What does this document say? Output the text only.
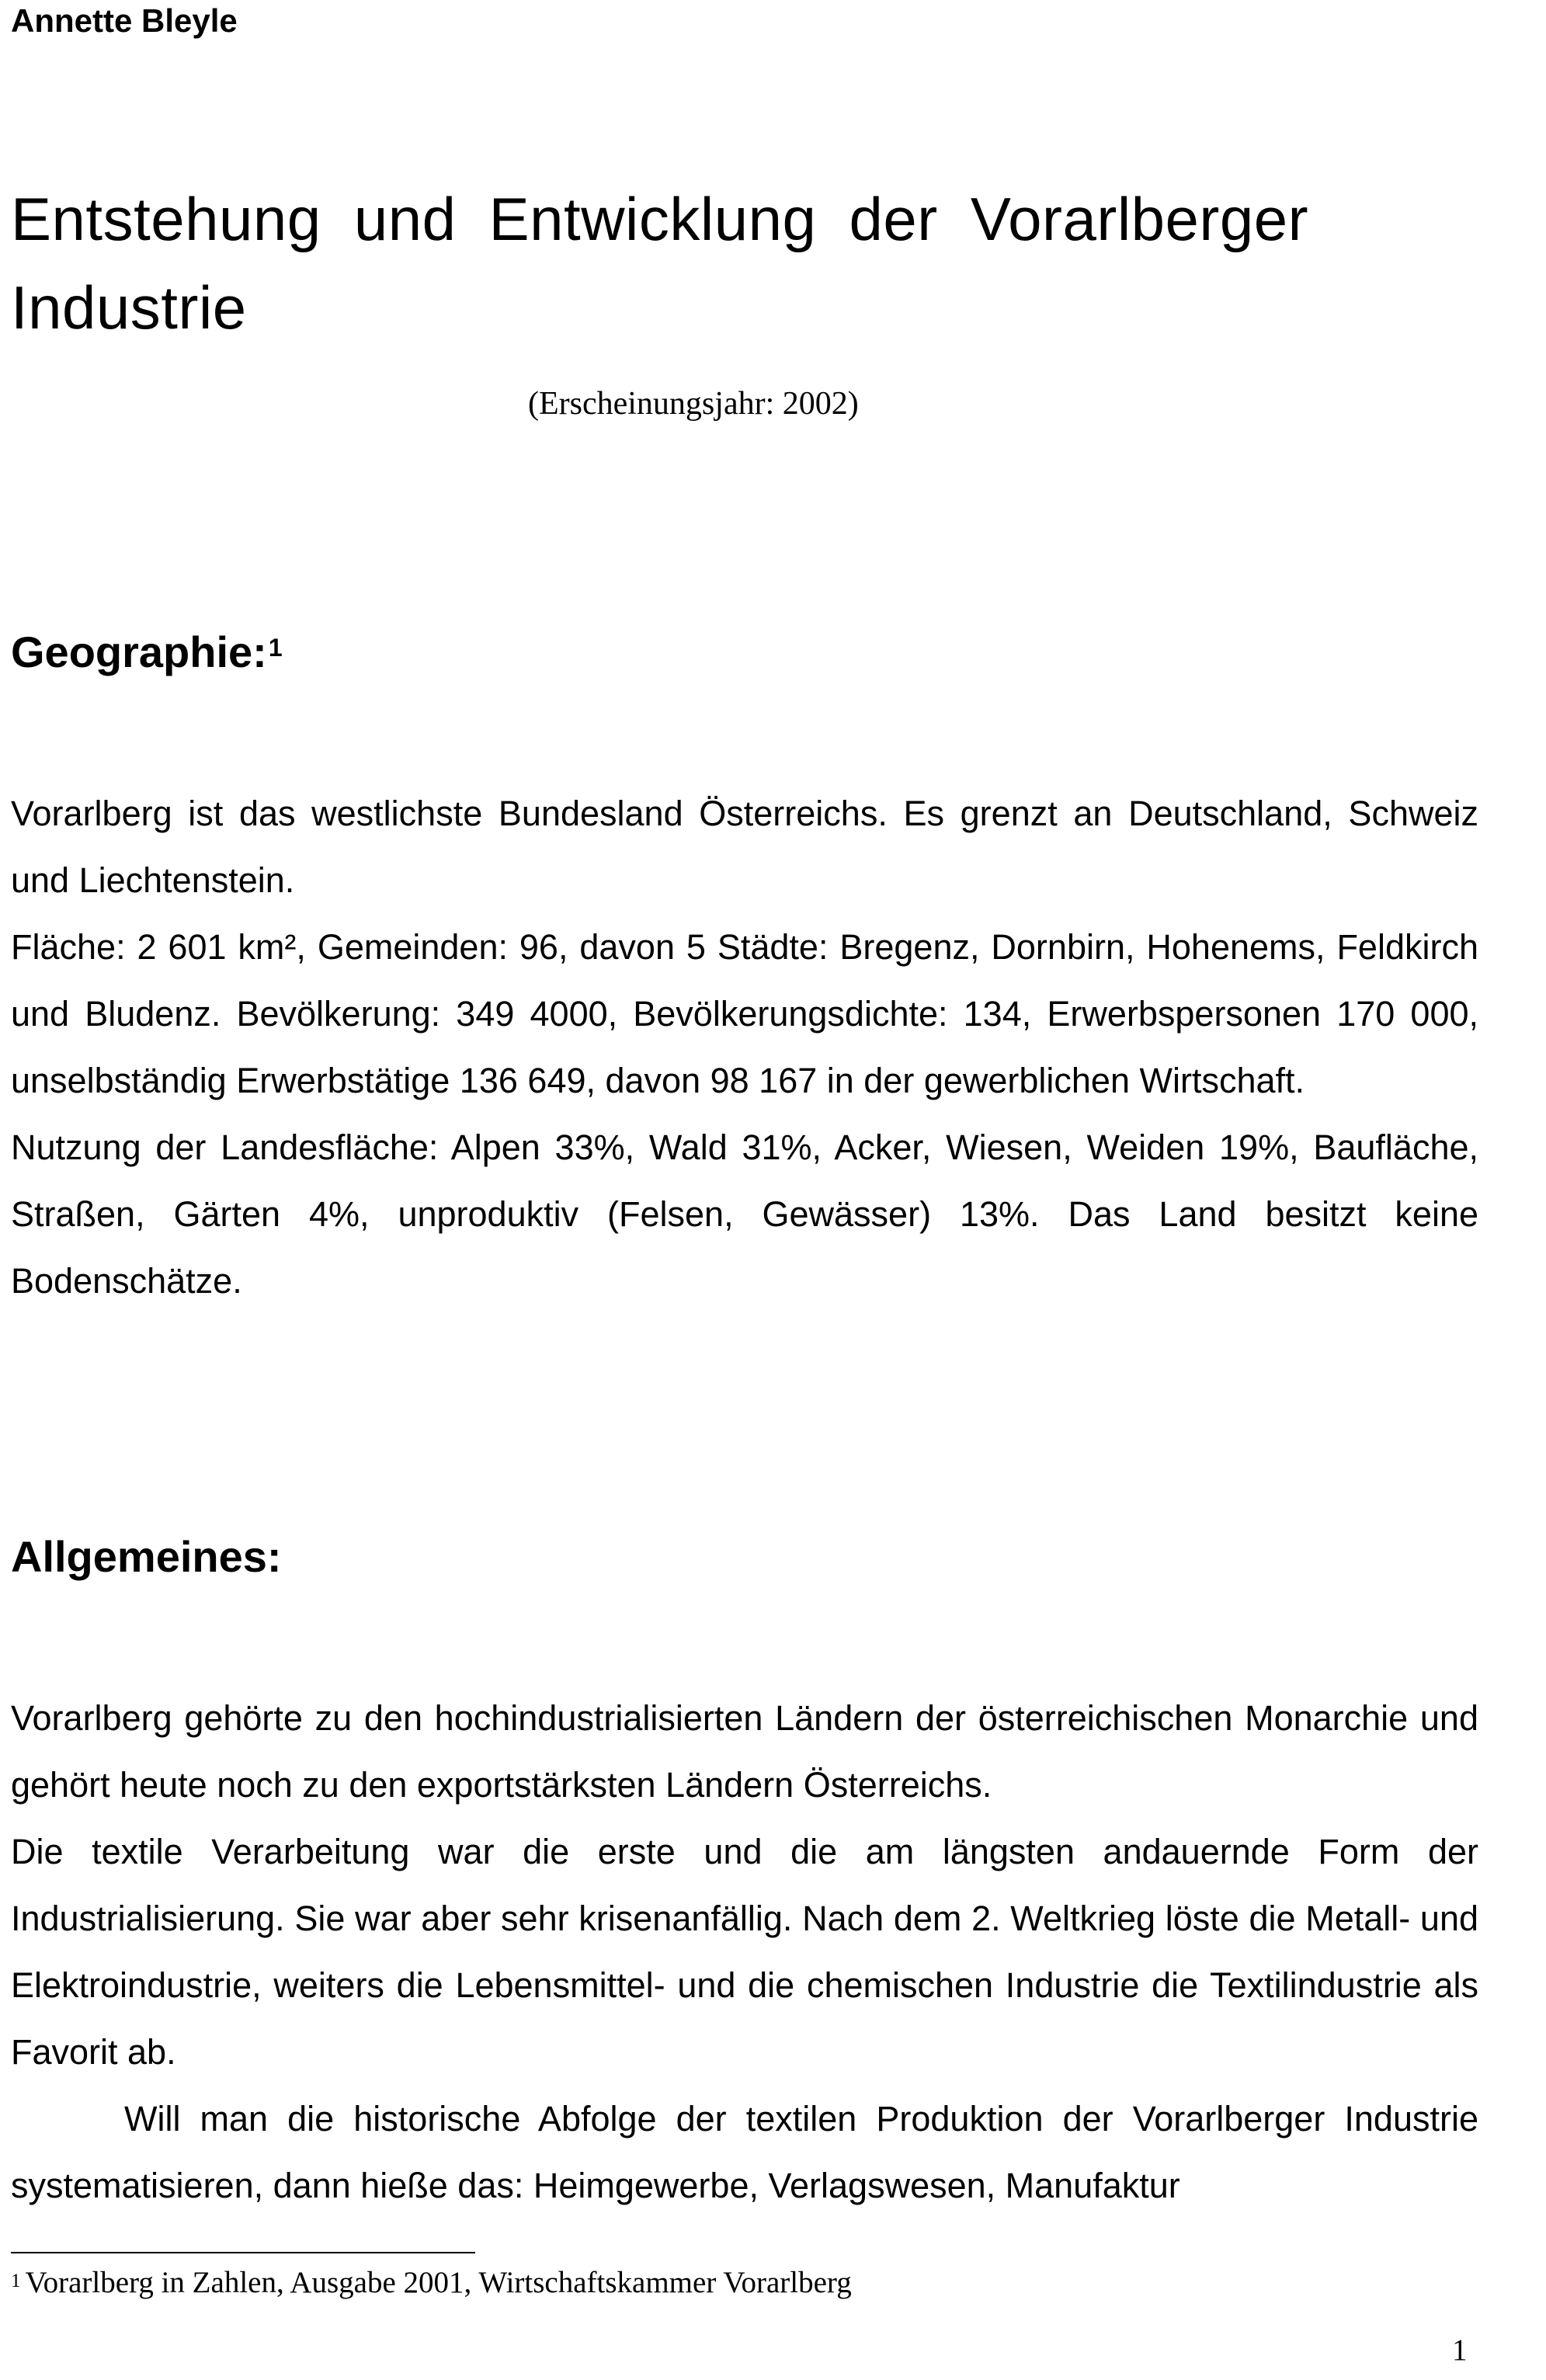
Annette Bleyle
Entstehung und Entwicklung der Vorarlberger Industrie
(Erscheinungsjahr: 2002)
Geographie:$^1$

Vorarlberg ist das westlichste Bundesland Österreichs. Es grenzt an Deutschland, Schweiz und Liechtenstein.

Fläche: 2 601 km², Gemeinden: 96, davon 5 Städte: Bregenz, Dornbirn, Hohenems, Feldkirch und Bludenz. Bevölkerung: 349 4000, Bevölkerungsdichte: 134, Erwerbspersonen 170 000, unselbständig Erwerbstätige 136 649, davon 98 167 in der gewerblichen Wirtschaft.

Nutzung der Landesfläche: Alpen 33%, Wald 31%, Acker, Wiesen, Weiden 19%, Baufläche, Straßen, Gärten 4%, unproduktiv (Felsen, Gewässer) 13%. Das Land besitzt keine Bodenschätze.

Allgemeines:

Vorarlberg gehörte zu den hochindustrialisierten Ländern der österreichischen Monarchie und gehört heute noch zu den exportstärksten Ländern Österreichs.

Die textile Verarbeitung war die erste und die am längsten andauernde Form der Industrialisierung. Sie war aber sehr krisenanfällig. Nach dem 2. Weltkrieg löste die Metall- und Elektroindustrie, weiters die Lebensmittel- und die chemischen Industrie die Textilindustrie als Favorit ab.

Will man die historische Abfolge der textilen Produktion der Vorarlberger Industrie systematisieren, dann hieße das: Heimgewerbe, Verlagswesen, Manufaktur

$^1$ Vorarlberg in Zahlen, Ausgabe 2001, Wirtschaftskammer Vorarlberg
1
